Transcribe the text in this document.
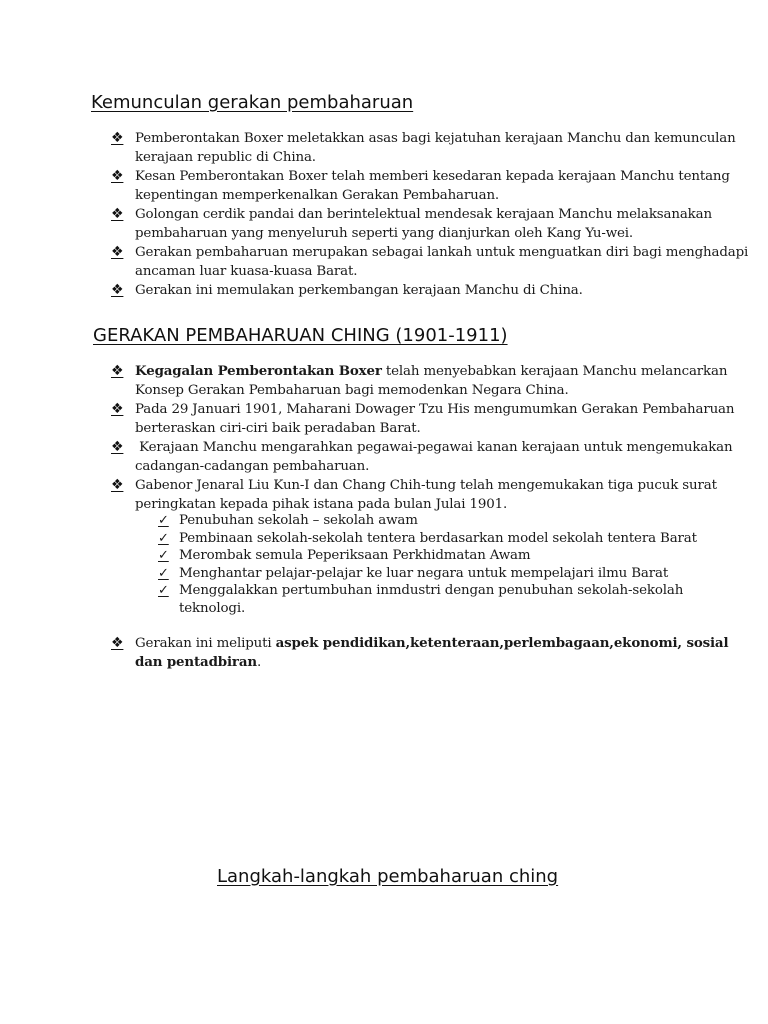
Kemunculan gerakan pembaharuan
❖ Pemberontakan Boxer meletakkan asas bagi kejatuhan kerajaan Manchu dan kemunculan kerajaan republic di China.
❖ Kesan Pemberontakan Boxer telah memberi kesedaran kepada kerajaan Manchu tentang kepentingan memperkenalkan Gerakan Pembaharuan.
❖ Golongan cerdik pandai dan berintelektual mendesak kerajaan Manchu melaksanakan pembaharuan yang menyeluruh seperti yang dianjurkan oleh Kang Yu-wei.
❖ Gerakan pembaharuan merupakan sebagai lankah untuk menguatkan diri bagi menghadapi ancaman luar kuasa-kuasa Barat.
❖ Gerakan ini memulakan perkembangan kerajaan Manchu di China.
GERAKAN PEMBAHARUAN CHING (1901-1911)
❖ Kegagalan Pemberontakan Boxer telah menyebabkan kerajaan Manchu melancarkan Konsep Gerakan Pembaharuan bagi memodenkan Negara China.
❖ Pada 29 Januari 1901, Maharani Dowager Tzu His mengumumkan Gerakan Pembaharuan berteraskan ciri-ciri baik peradaban Barat.
❖ Kerajaan Manchu mengarahkan pegawai-pegawai kanan kerajaan untuk mengemukakan cadangan-cadangan pembaharuan.
❖ Gabenor Jenaral Liu Kun-I dan Chang Chih-tung telah mengemukakan tiga pucuk surat peringkatan kepada pihak istana pada bulan Julai 1901.
✓ Penubuhan sekolah – sekolah awam
✓ Pembinaan sekolah-sekolah tentera berdasarkan model sekolah tentera Barat
✓ Merombak semula Peperiksaan Perkhidmatan Awam
✓ Menghantar pelajar-pelajar ke luar negara untuk mempelajari ilmu Barat
✓ Menggalakkan pertumbuhan inmdustri dengan penubuhan sekolah-sekolah teknologi.
❖ Gerakan ini meliputi aspek pendidikan,ketenteraan,perlembagaan,ekonomi, sosial dan pentadbiran.
Langkah-langkah pembaharuan ching
